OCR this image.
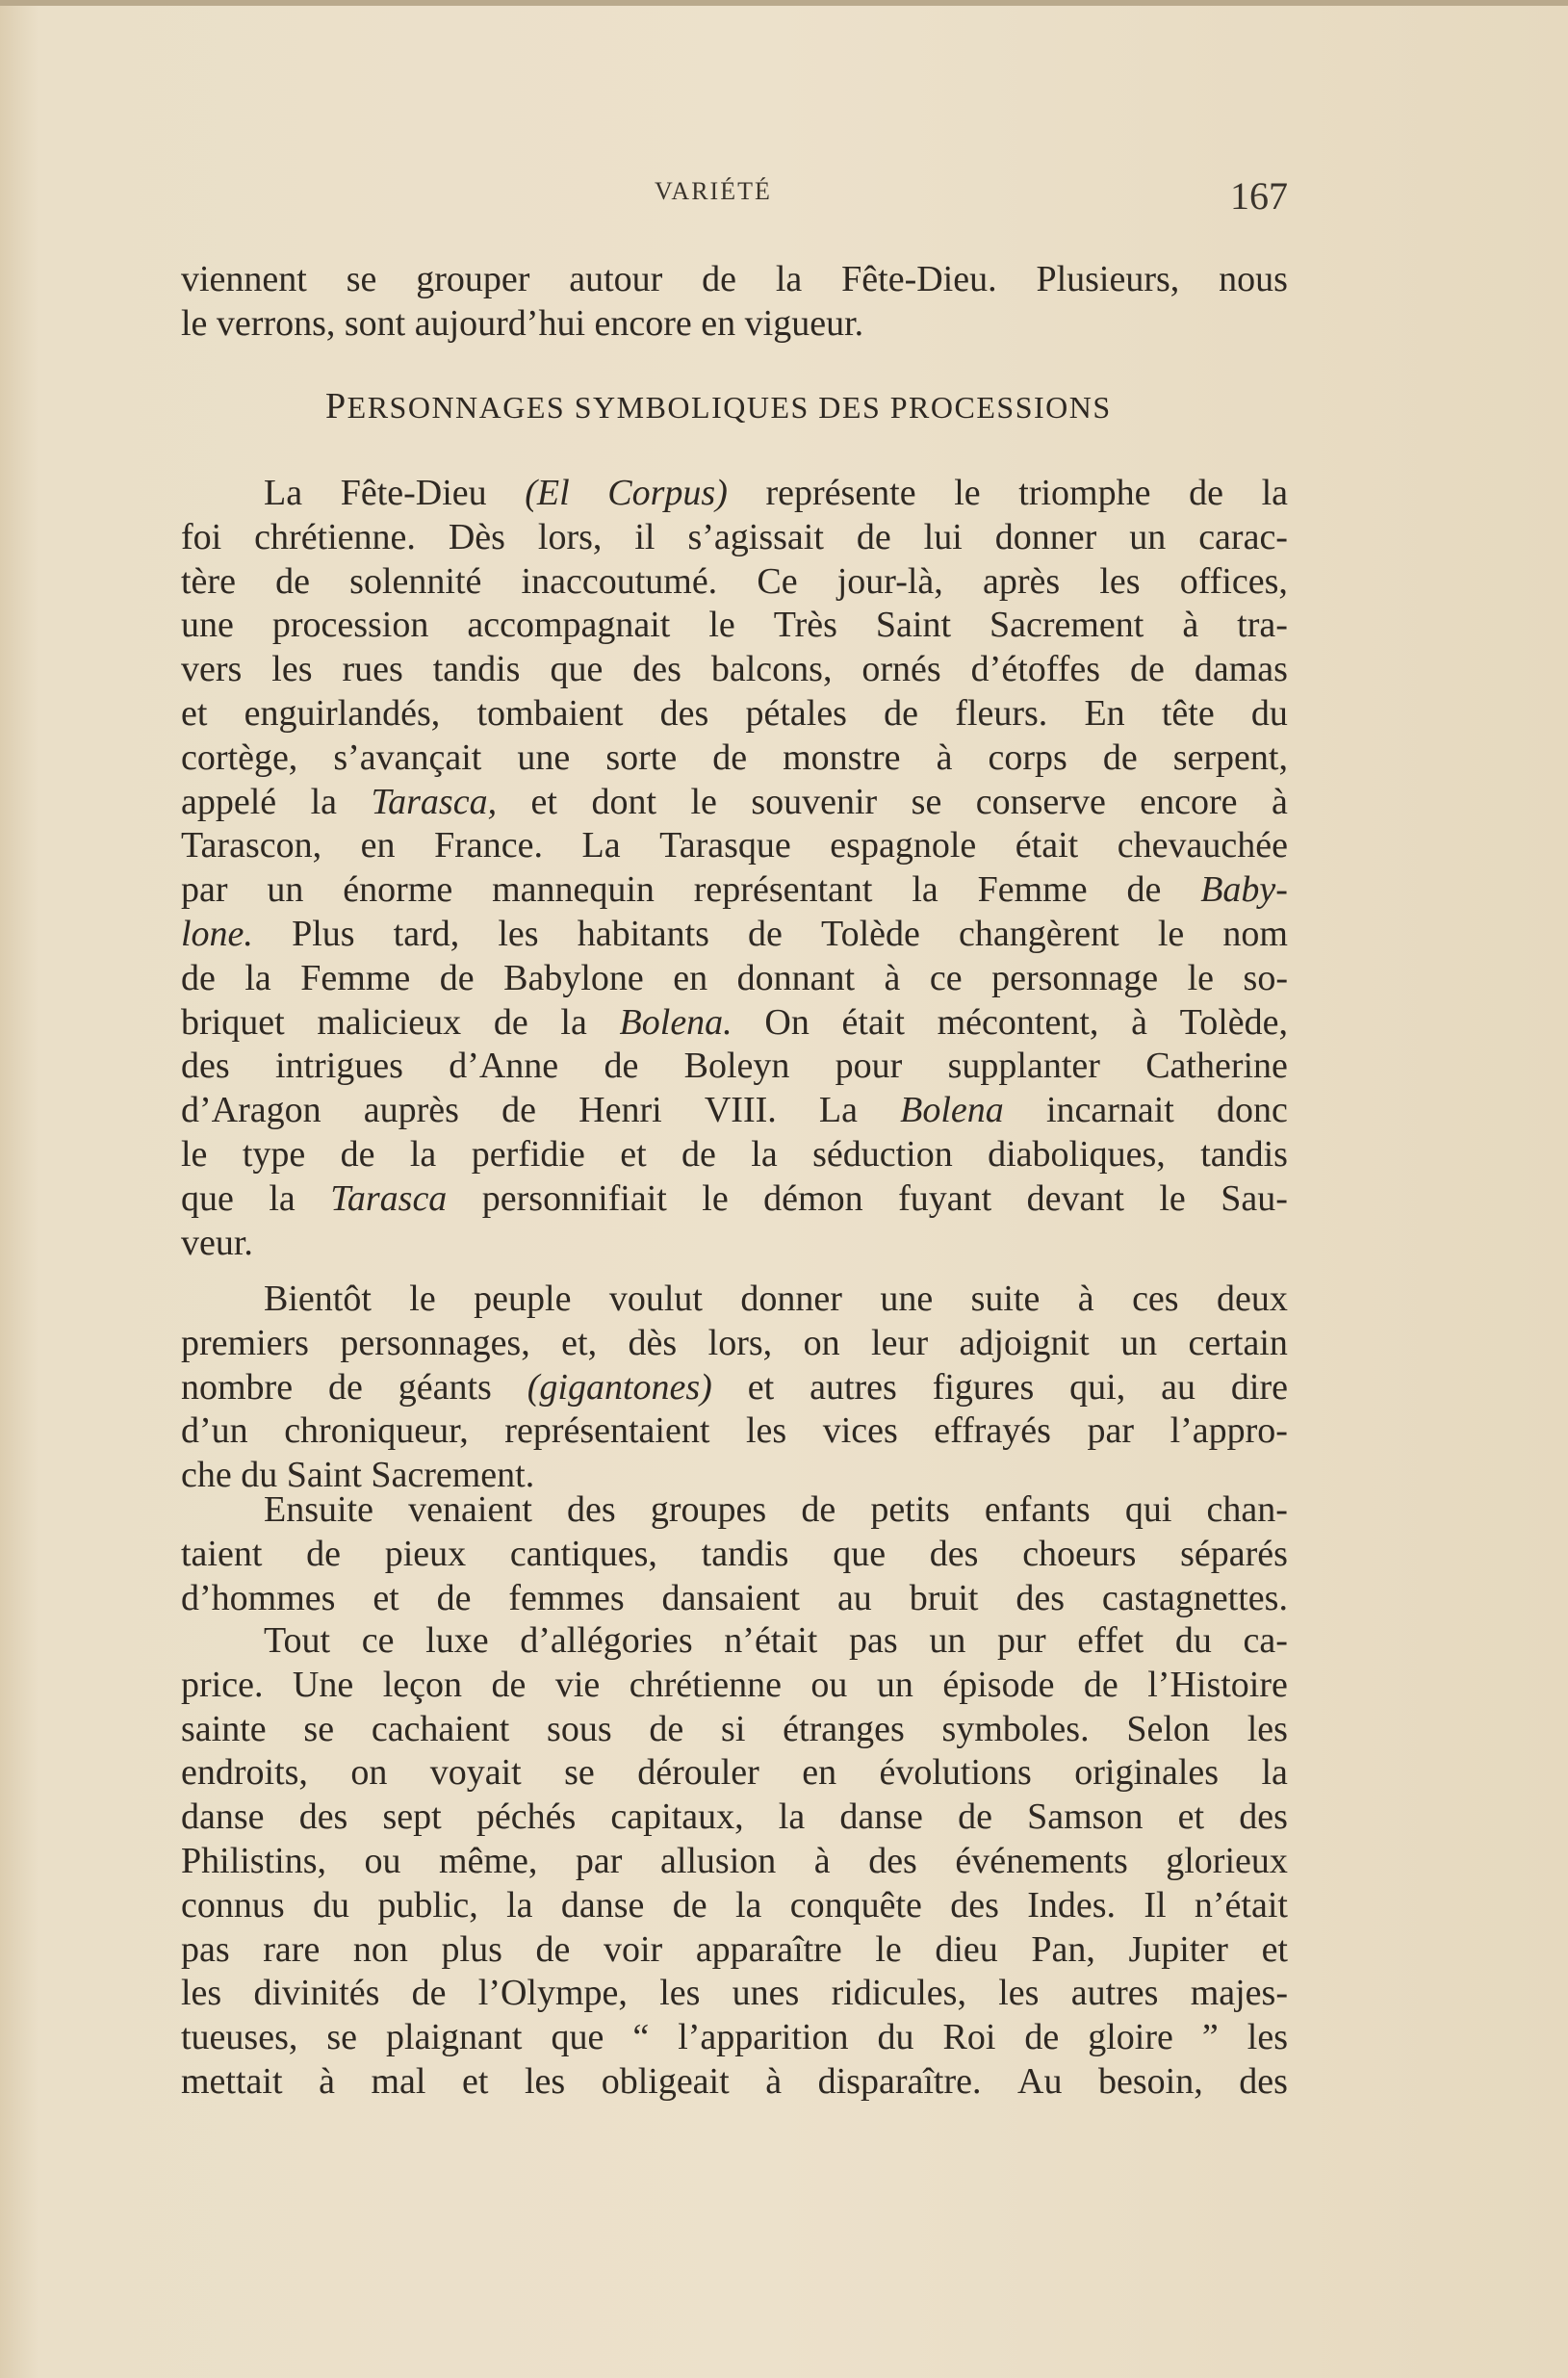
VARIÉTÉ	167
viennent se grouper autour de la Fête-Dieu. Plusieurs, nous
le verrons, sont aujourd’hui encore en vigueur.
PERSONNAGES SYMBOLIQUES DES PROCESSIONS
La Fête-Dieu (El Corpus) représente le triomphe de la
foi chrétienne. Dès lors, il s’agissait de lui donner un carac-
tère de solennité inaccoutumé. Ce jour-là, après les offices,
une procession accompagnait le Très Saint Sacrement à tra-
vers les rues tandis que des balcons, ornés d’étoffes de damas
et enguirlandés, tombaient des pétales de fleurs. En tête du
cortège, s’avançait une sorte de monstre à corps de serpent,
appelé la Tarasca, et dont le souvenir se conserve encore à
Tarascon, en France. La Tarasque espagnole était chevauchée
par un énorme mannequin représentant la Femme de Baby-
lone. Plus tard, les habitants de Tolède changèrent le nom
de la Femme de Babylone en donnant à ce personnage le so-
briquet malicieux de la Bolena. On était mécontent, à Tolède,
des intrigues d’Anne de Boleyn pour supplanter Catherine
d’Aragon auprès de Henri VIII. La Bolena incarnait donc
le type de la perfidie et de la séduction diaboliques, tandis
que la Tarasca personnifiait le démon fuyant devant le Sau-
veur.
Bientôt le peuple voulut donner une suite à ces deux
premiers personnages, et, dès lors, on leur adjoignit un certain
nombre de géants (gigantones) et autres figures qui, au dire
d’un chroniqueur, représentaient les vices effrayés par l’appro-
che du Saint Sacrement.
Ensuite venaient des groupes de petits enfants qui chan-
taient de pieux cantiques, tandis que des choeurs séparés
d’hommes et de femmes dansaient au bruit des castagnettes.
Tout ce luxe d’allégories n’était pas un pur effet du ca-
price. Une leçon de vie chrétienne ou un épisode de l’Histoire
sainte se cachaient sous de si étranges symboles. Selon les
endroits, on voyait se dérouler en évolutions originales la
danse des sept péchés capitaux, la danse de Samson et des
Philistins, ou même, par allusion à des événements glorieux
connus du public, la danse de la conquête des Indes. Il n’était
pas rare non plus de voir apparaître le dieu Pan, Jupiter et
les divinités de l’Olympe, les unes ridicules, les autres majes-
tueuses, se plaignant que “ l’apparition du Roi de gloire ” les
mettait à mal et les obligeait à disparaître. Au besoin, des
